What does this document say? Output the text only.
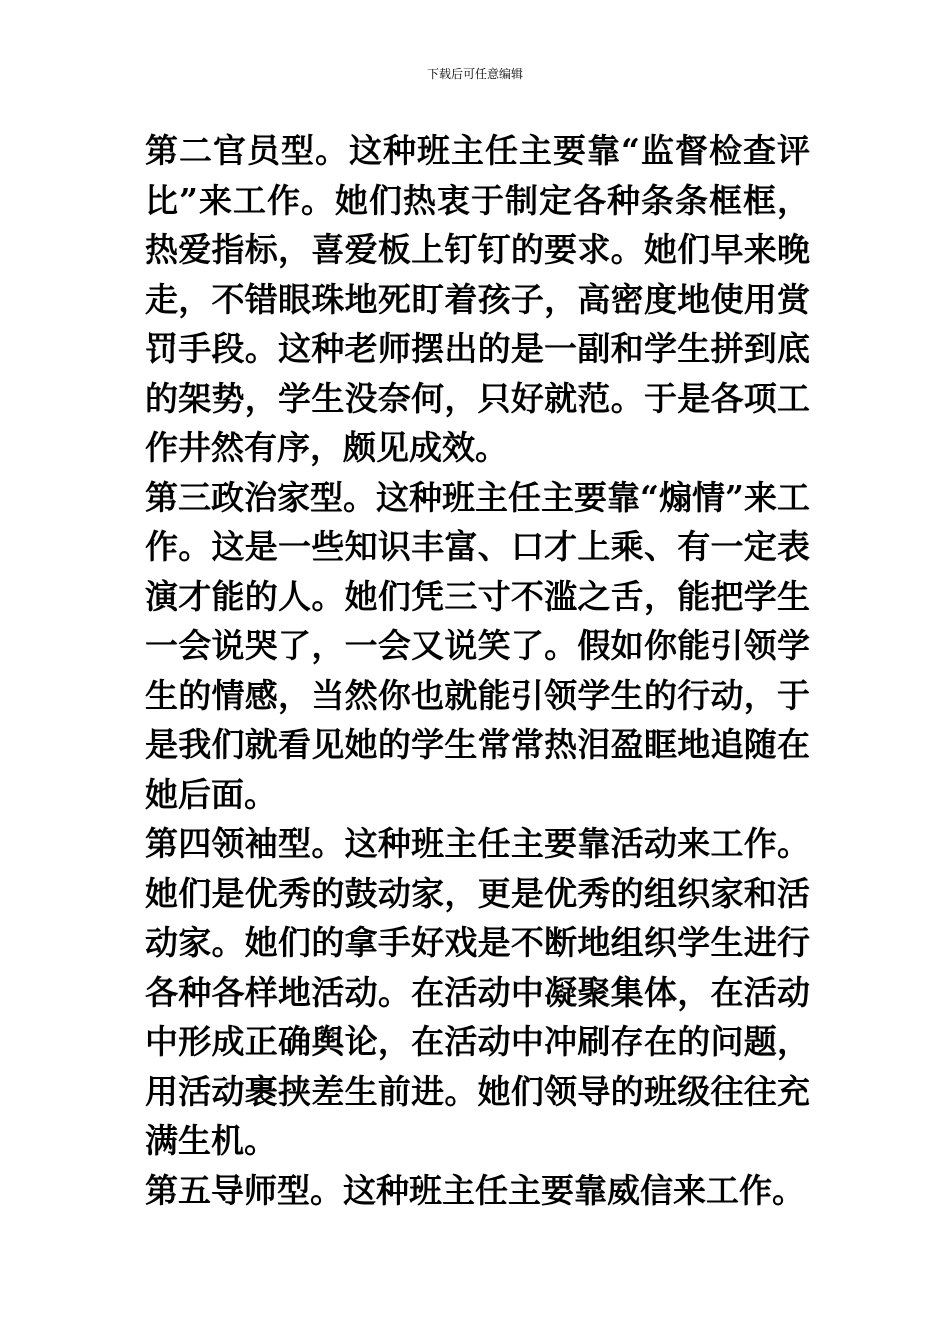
下载后可任意编辑

第二官员型。这种班主任主要靠“监督检查评比”来工作。她们热衷于制定各种条条框框，热爱指标，喜爱板上钉钉的要求。她们早来晚走，不错眼珠地死盯着孩子，高密度地使用赏罚手段。这种老师摆出的是一副和学生拼到底的架势，学生没奈何，只好就范。于是各项工作井然有序，颇见成效。

第三政治家型。这种班主任主要靠“煽情”来工作。这是一些知识丰富、口才上乘、有一定表演才能的人。她们凭三寸不滥之舌，能把学生一会说哭了，一会又说笑了。假如你能引领学生的情感，当然你也就能引领学生的行动，于是我们就看见她的学生常常热泪盈眶地追随在她后面。

第四领袖型。这种班主任主要靠活动来工作。她们是优秀的鼓动家，更是优秀的组织家和活动家。她们的拿手好戏是不断地组织学生进行各种各样地活动。在活动中凝聚集体，在活动中形成正确舆论，在活动中冲刷存在的问题，用活动裹挟差生前进。她们领导的班级往往充满生机。

第五导师型。这种班主任主要靠威信来工作。
